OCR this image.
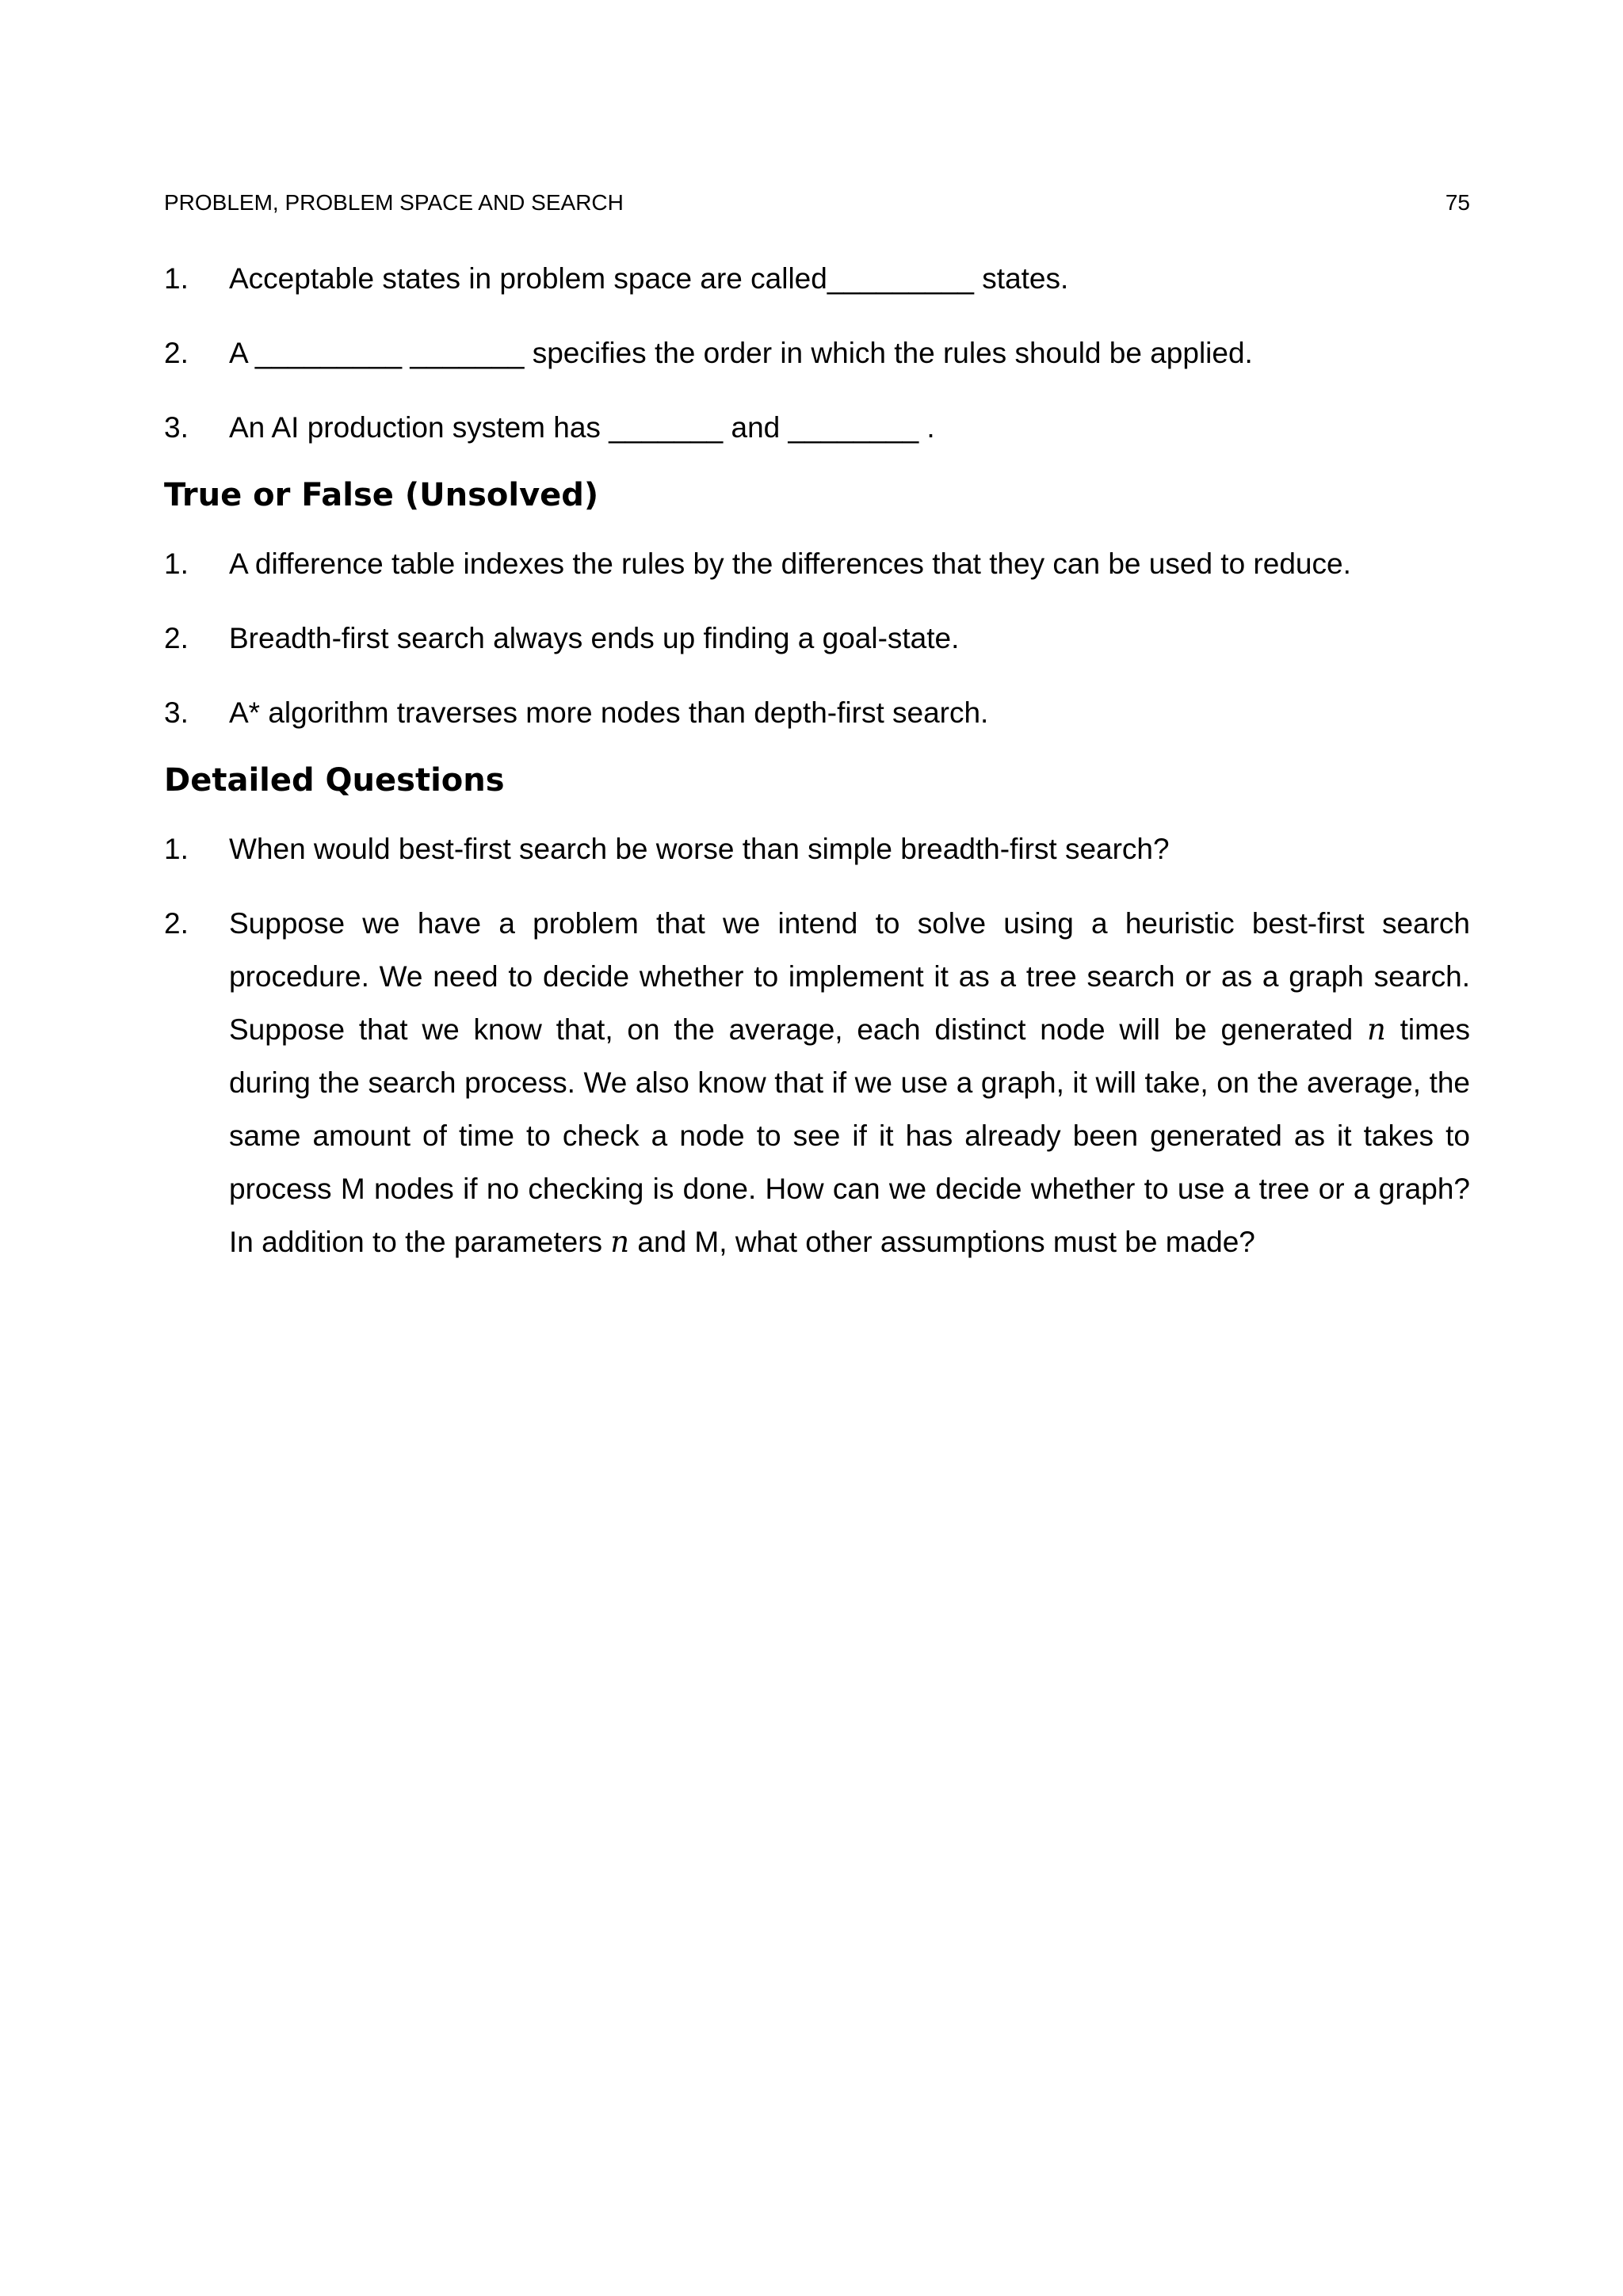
PROBLEM, PROBLEM SPACE AND SEARCH	75
1. Acceptable states in problem space are called_________ states.
2. A _________ _______ specifies the order in which the rules should be applied.
3. An AI production system has _______ and ________ .
True or False (Unsolved)
1. A difference table indexes the rules by the differences that they can be used to reduce.
2. Breadth-first search always ends up finding a goal-state.
3. A* algorithm traverses more nodes than depth-first search.
Detailed Questions
1. When would best-first search be worse than simple breadth-first search?
2. Suppose we have a problem that we intend to solve using a heuristic best-first search procedure. We need to decide whether to implement it as a tree search or as a graph search. Suppose that we know that, on the average, each distinct node will be generated n times during the search process. We also know that if we use a graph, it will take, on the average, the same amount of time to check a node to see if it has already been generated as it takes to process M nodes if no checking is done. How can we decide whether to use a tree or a graph? In addition to the parameters n and M, what other assumptions must be made?
